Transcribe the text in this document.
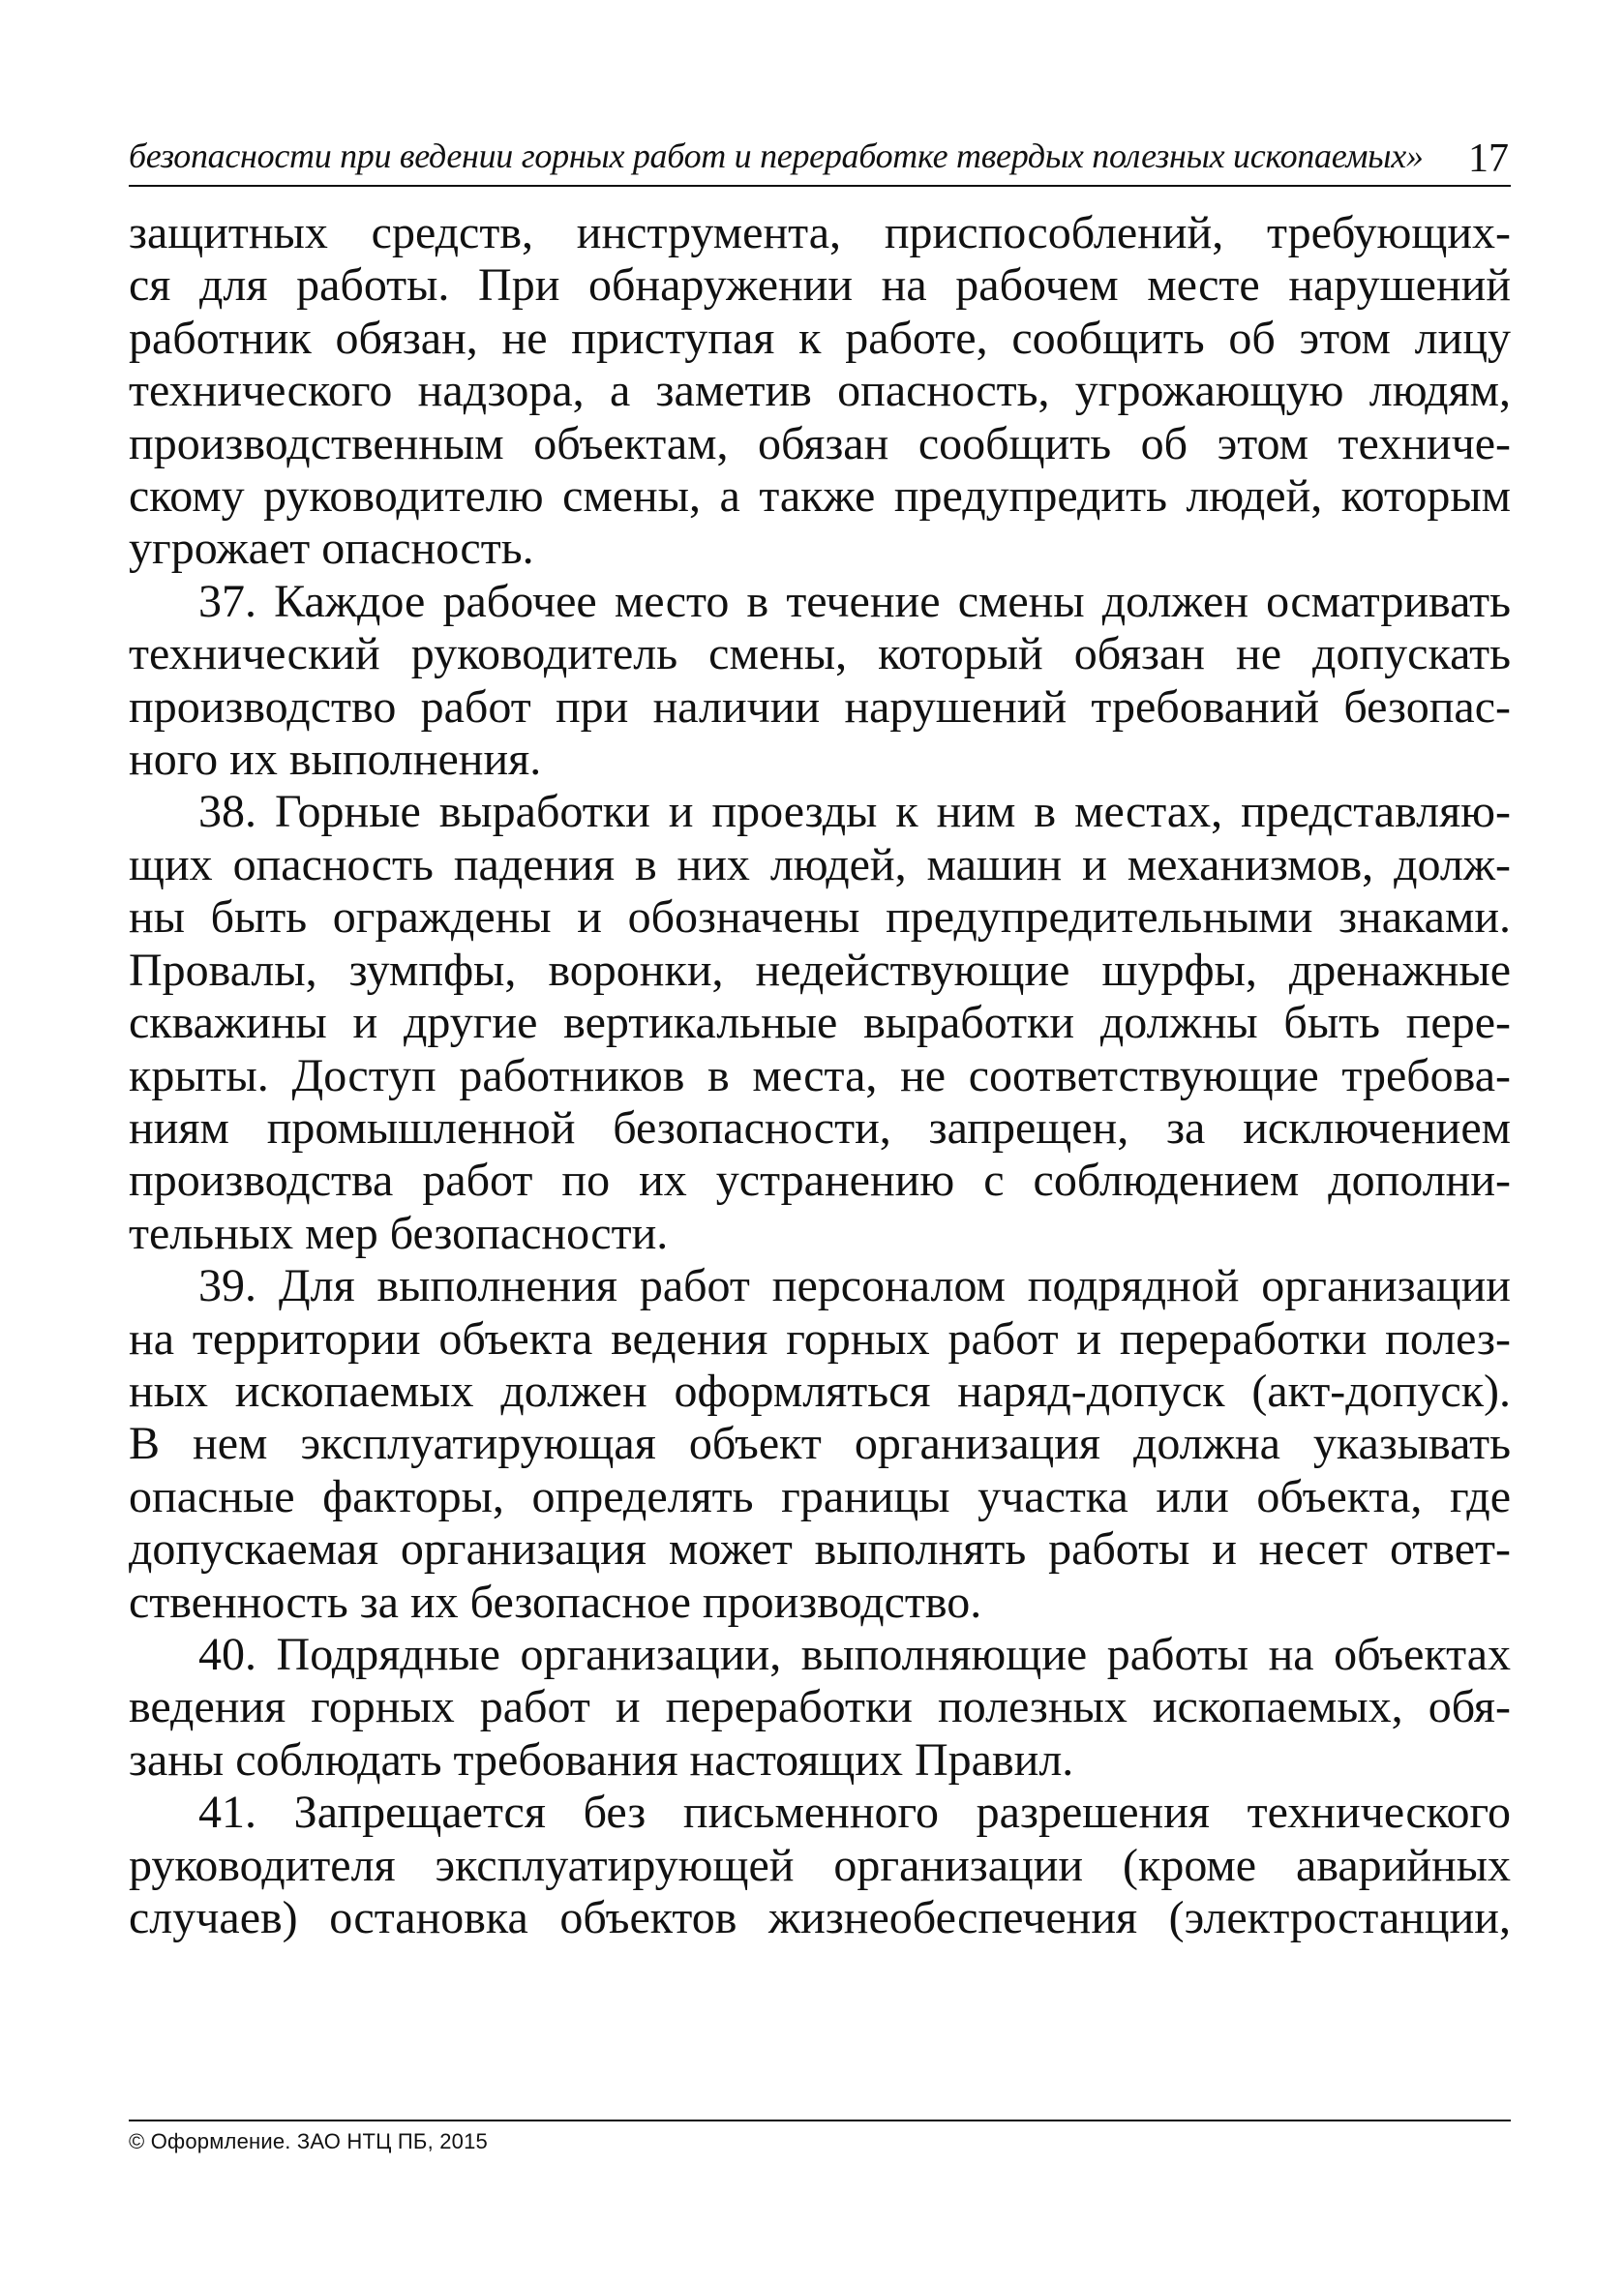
безопасности при ведении горных работ и переработке твердых полезных ископаемых» 17
защитных средств, инструмента, приспособлений, требующих-
ся для работы. При обнаружении на рабочем месте нарушений
работник обязан, не приступая к работе, сообщить об этом лицу
технического надзора, а заметив опасность, угрожающую людям,
производственным объектам, обязан сообщить об этом техниче-
скому руководителю смены, а также предупредить людей, которым
угрожает опасность.
37. Каждое рабочее место в течение смены должен осматривать
технический руководитель смены, который обязан не допускать
производство работ при наличии нарушений требований безопас-
ного их выполнения.
38. Горные выработки и проезды к ним в местах, представляю-
щих опасность падения в них людей, машин и механизмов, долж-
ны быть ограждены и обозначены предупредительными знаками.
Провалы, зумпфы, воронки, недействующие шурфы, дренажные
скважины и другие вертикальные выработки должны быть пере-
крыты. Доступ работников в места, не соответствующие требова-
ниям промышленной безопасности, запрещен, за исключением
производства работ по их устранению с соблюдением дополни-
тельных мер безопасности.
39. Для выполнения работ персоналом подрядной организации
на территории объекта ведения горных работ и переработки полез-
ных ископаемых должен оформляться наряд-допуск (акт-допуск).
В нем эксплуатирующая объект организация должна указывать
опасные факторы, определять границы участка или объекта, где
допускаемая организация может выполнять работы и несет ответ-
ственность за их безопасное производство.
40. Подрядные организации, выполняющие работы на объектах
ведения горных работ и переработки полезных ископаемых, обя-
заны соблюдать требования настоящих Правил.
41. Запрещается без письменного разрешения технического
руководителя эксплуатирующей организации (кроме аварийных
случаев) остановка объектов жизнеобеспечения (электростанции,
© Оформление. ЗАО НТЦ ПБ, 2015
